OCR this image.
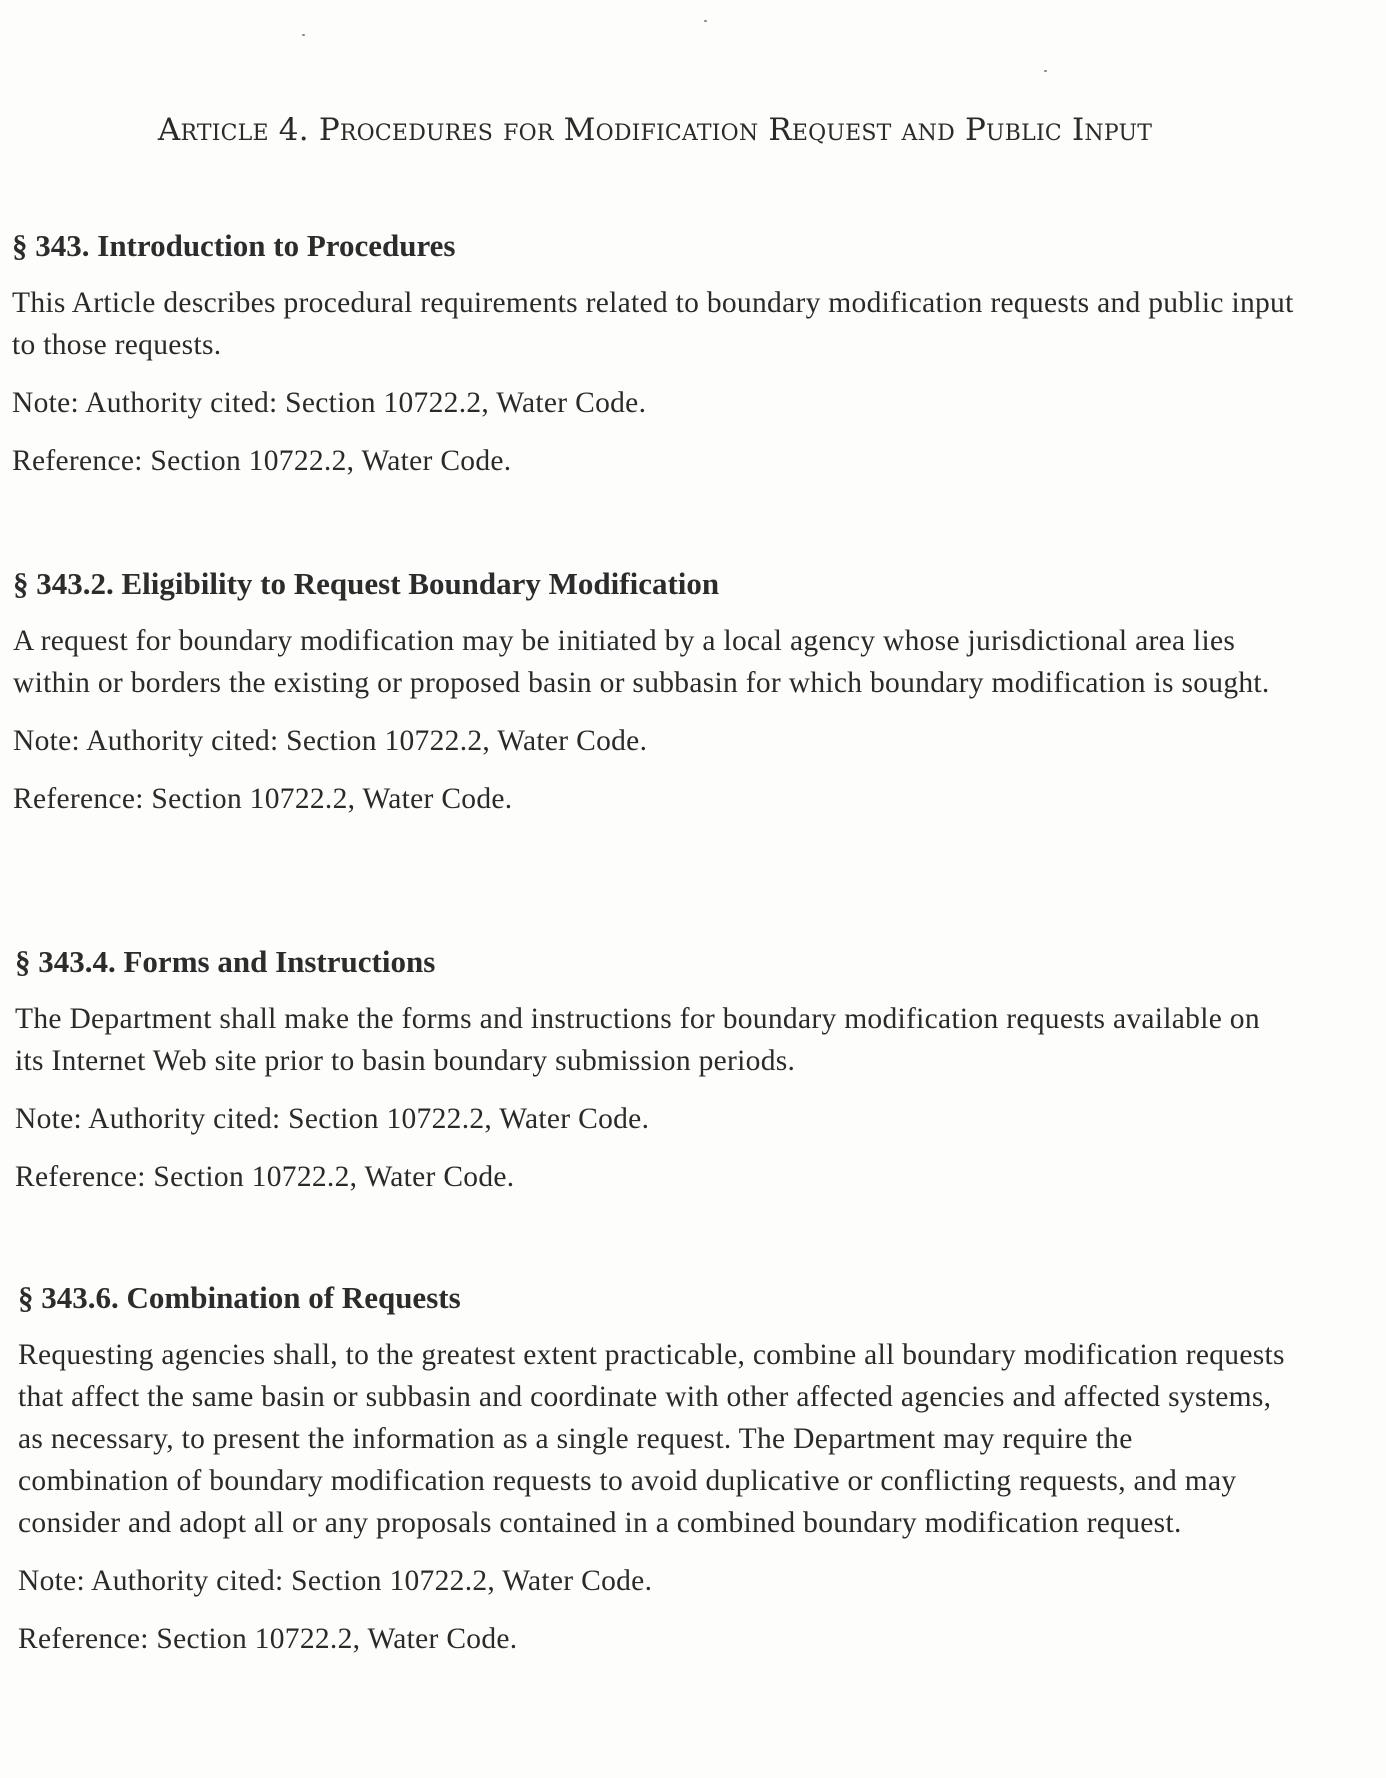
Article 4. Procedures for Modification Request and Public Input
§ 343. Introduction to Procedures

This Article describes procedural requirements related to boundary modification requests and public input to those requests.

Note: Authority cited: Section 10722.2, Water Code.

Reference: Section 10722.2, Water Code.

§ 343.2. Eligibility to Request Boundary Modification

A request for boundary modification may be initiated by a local agency whose jurisdictional area lies within or borders the existing or proposed basin or subbasin for which boundary modification is sought.

Note: Authority cited: Section 10722.2, Water Code.

Reference: Section 10722.2, Water Code.

§ 343.4. Forms and Instructions

The Department shall make the forms and instructions for boundary modification requests available on its Internet Web site prior to basin boundary submission periods.

Note: Authority cited: Section 10722.2, Water Code.

Reference: Section 10722.2, Water Code.

§ 343.6. Combination of Requests

Requesting agencies shall, to the greatest extent practicable, combine all boundary modification requests that affect the same basin or subbasin and coordinate with other affected agencies and affected systems, as necessary, to present the information as a single request. The Department may require the combination of boundary modification requests to avoid duplicative or conflicting requests, and may consider and adopt all or any proposals contained in a combined boundary modification request.

Note: Authority cited: Section 10722.2, Water Code.

Reference: Section 10722.2, Water Code.
